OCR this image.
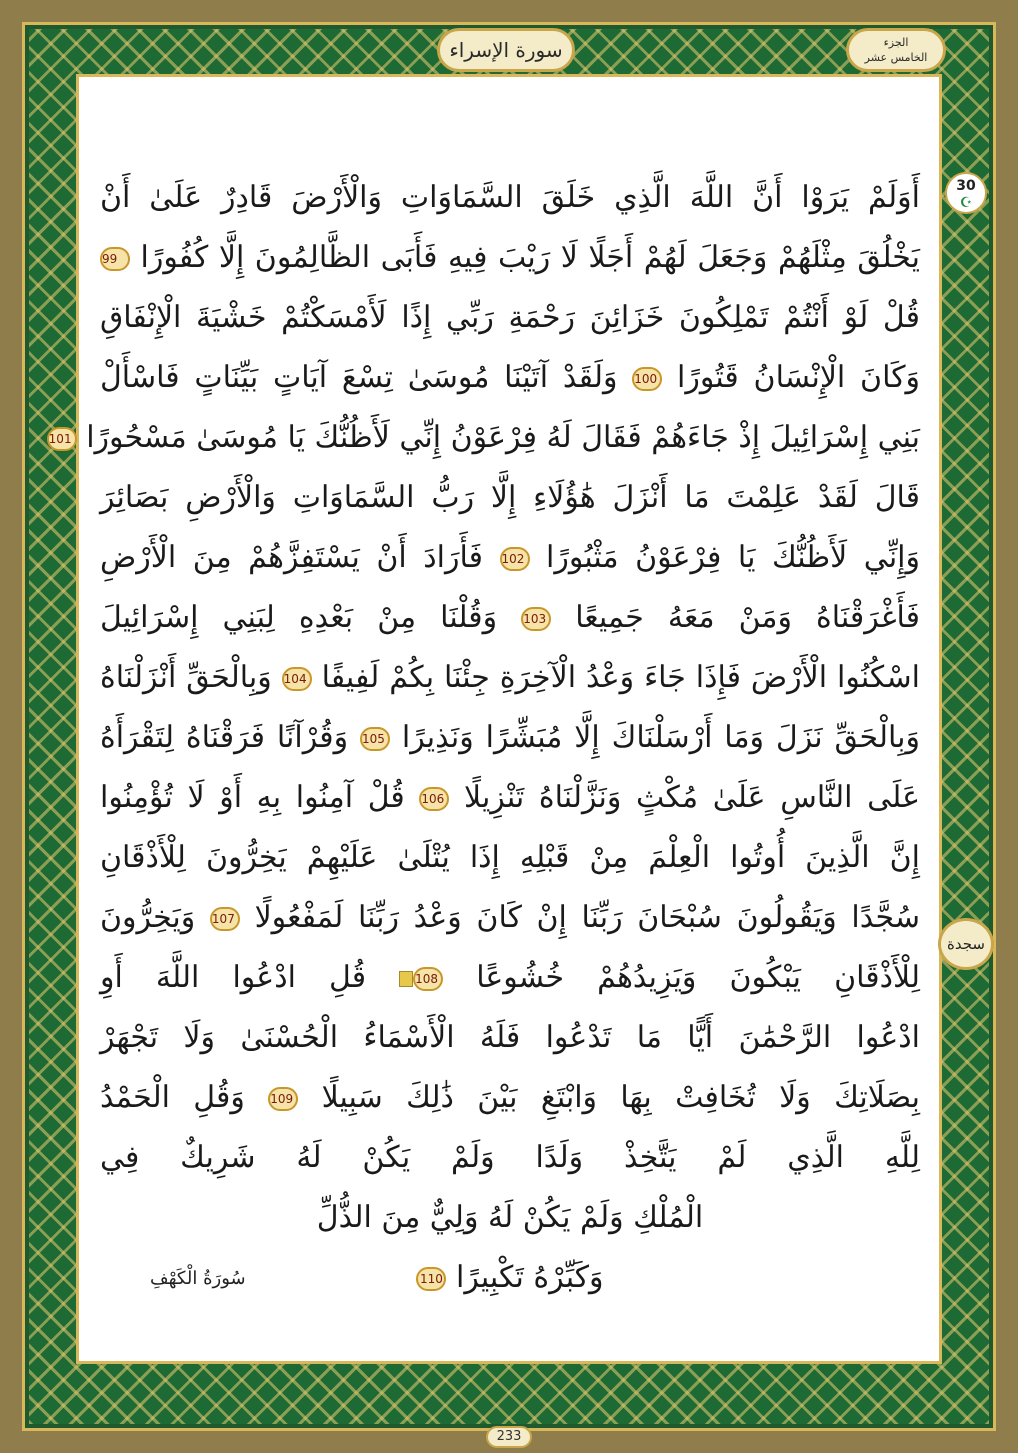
الجزء
الخامس عشر
سورة الإسراء
30
☪
سجدة
أَوَلَمْ يَرَوْا أَنَّ اللَّهَ الَّذِي خَلَقَ السَّمَاوَاتِ وَالْأَرْضَ قَادِرٌ عَلَىٰ أَنْ
يَخْلُقَ مِثْلَهُمْ وَجَعَلَ لَهُمْ أَجَلًا لَا رَيْبَ فِيهِ فَأَبَى الظَّالِمُونَ إِلَّا كُفُورًا 99
قُلْ لَوْ أَنْتُمْ تَمْلِكُونَ خَزَائِنَ رَحْمَةِ رَبِّي إِذًا لَأَمْسَكْتُمْ خَشْيَةَ الْإِنْفَاقِ
وَكَانَ الْإِنْسَانُ قَتُورًا 100 وَلَقَدْ آتَيْنَا مُوسَىٰ تِسْعَ آيَاتٍ بَيِّنَاتٍ فَاسْأَلْ
بَنِي إِسْرَائِيلَ إِذْ جَاءَهُمْ فَقَالَ لَهُ فِرْعَوْنُ إِنِّي لَأَظُنُّكَ يَا مُوسَىٰ مَسْحُورًا 101
قَالَ لَقَدْ عَلِمْتَ مَا أَنْزَلَ هَٰؤُلَاءِ إِلَّا رَبُّ السَّمَاوَاتِ وَالْأَرْضِ بَصَائِرَ
وَإِنِّي لَأَظُنُّكَ يَا فِرْعَوْنُ مَثْبُورًا 102 فَأَرَادَ أَنْ يَسْتَفِزَّهُمْ مِنَ الْأَرْضِ
فَأَغْرَقْنَاهُ وَمَنْ مَعَهُ جَمِيعًا 103 وَقُلْنَا مِنْ بَعْدِهِ لِبَنِي إِسْرَائِيلَ
اسْكُنُوا الْأَرْضَ فَإِذَا جَاءَ وَعْدُ الْآخِرَةِ جِئْنَا بِكُمْ لَفِيفًا 104 وَبِالْحَقِّ أَنْزَلْنَاهُ
وَبِالْحَقِّ نَزَلَ وَمَا أَرْسَلْنَاكَ إِلَّا مُبَشِّرًا وَنَذِيرًا 105 وَقُرْآنًا فَرَقْنَاهُ لِتَقْرَأَهُ
عَلَى النَّاسِ عَلَىٰ مُكْثٍ وَنَزَّلْنَاهُ تَنْزِيلًا 106 قُلْ آمِنُوا بِهِ أَوْ لَا تُؤْمِنُوا
إِنَّ الَّذِينَ أُوتُوا الْعِلْمَ مِنْ قَبْلِهِ إِذَا يُتْلَىٰ عَلَيْهِمْ يَخِرُّونَ لِلْأَذْقَانِ
سُجَّدًا وَيَقُولُونَ سُبْحَانَ رَبِّنَا إِنْ كَانَ وَعْدُ رَبِّنَا لَمَفْعُولًا 107 وَيَخِرُّونَ
لِلْأَذْقَانِ يَبْكُونَ وَيَزِيدُهُمْ خُشُوعًا 108 قُلِ ادْعُوا اللَّهَ أَوِ
ادْعُوا الرَّحْمَٰنَ أَيًّا مَا تَدْعُوا فَلَهُ الْأَسْمَاءُ الْحُسْنَىٰ وَلَا تَجْهَرْ
بِصَلَاتِكَ وَلَا تُخَافِتْ بِهَا وَابْتَغِ بَيْنَ ذَٰلِكَ سَبِيلًا 109 وَقُلِ الْحَمْدُ
لِلَّهِ الَّذِي لَمْ يَتَّخِذْ وَلَدًا وَلَمْ يَكُنْ لَهُ شَرِيكٌ فِي
الْمُلْكِ وَلَمْ يَكُنْ لَهُ وَلِيٌّ مِنَ الذُّلِّ
وَكَبِّرْهُ تَكْبِيرًا 110
سُورَةُ الْكَهْفِ
233
